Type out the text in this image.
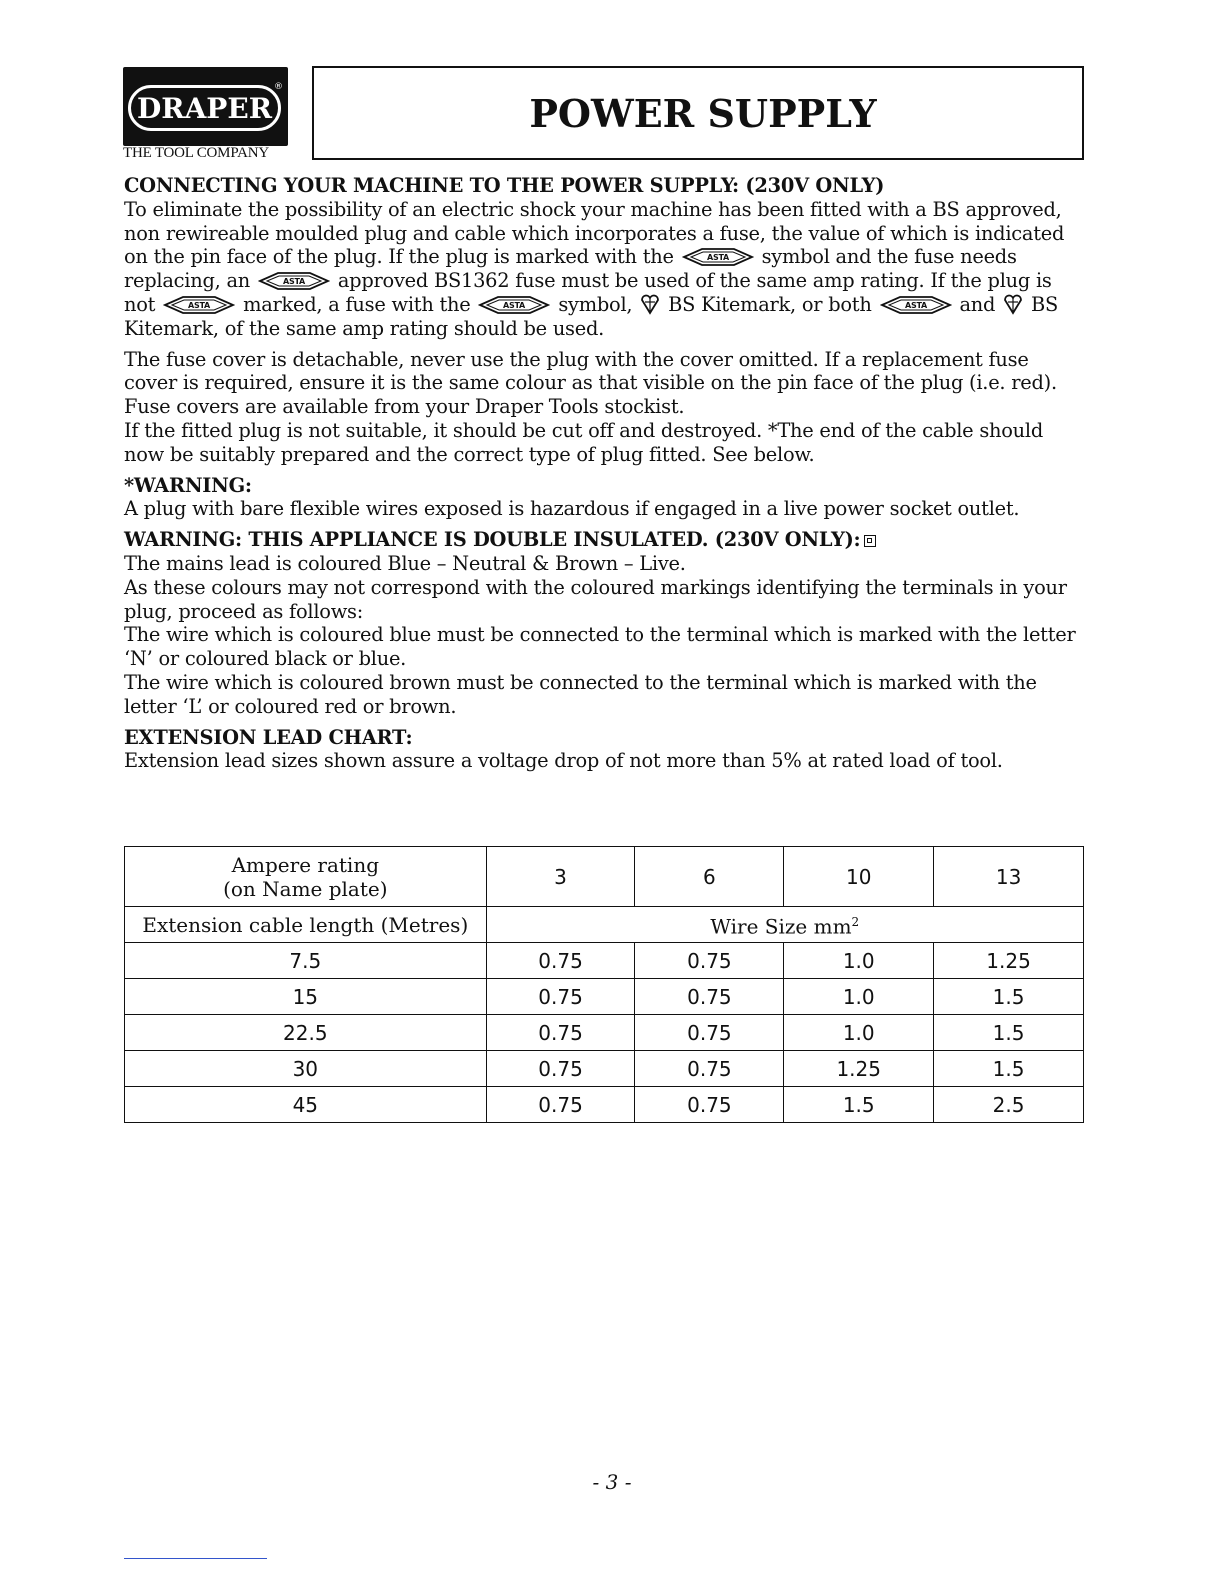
DRAPER
®
THE TOOL COMPANY
POWER SUPPLY

CONNECTING YOUR MACHINE TO THE POWER SUPPLY: (230V ONLY)

To eliminate the possibility of an electric shock your machine has been fitted with a BS approved, non rewireable moulded plug and cable which incorporates a fuse, the value of which is indicated on the pin face of the plug. If the plug is marked with the	ASTA symbol and the fuse needs replacing, an	ASTA approved BS1362 fuse must be used of the same amp rating. If the plug is not	ASTA marked, a fuse with the	ASTA symbol, BS Kitemark, or both	ASTA and BS Kitemark, of the same amp rating should be used.

The fuse cover is detachable, never use the plug with the cover omitted. If a replacement fuse cover is required, ensure it is the same colour as that visible on the pin face of the plug (i.e. red). Fuse covers are available from your Draper Tools stockist.

If the fitted plug is not suitable, it should be cut off and destroyed. *The end of the cable should now be suitably prepared and the correct type of plug fitted. See below.

*WARNING:

A plug with bare flexible wires exposed is hazardous if engaged in a live power socket outlet.

WARNING: THIS APPLIANCE IS DOUBLE INSULATED. (230V ONLY):

The mains lead is coloured Blue – Neutral & Brown – Live.

As these colours may not correspond with the coloured markings identifying the terminals in your plug, proceed as follows:

The wire which is coloured blue must be connected to the terminal which is marked with the letter ‘N’ or coloured black or blue.

The wire which is coloured brown must be connected to the terminal which is marked with the letter ‘L’ or coloured red or brown.

EXTENSION LEAD CHART:

Extension lead sizes shown assure a voltage drop of not more than 5% at rated load of tool.

Ampere rating
(on Name plate)	3	6	10	13
Extension cable length (Metres)	Wire Size $mm^2$
7.5	0.75	0.75	1.0	1.25
15	0.75	0.75	1.0	1.5
22.5	0.75	0.75	1.0	1.5
30	0.75	0.75	1.25	1.5
45	0.75	0.75	1.5	2.5
- 3 -
